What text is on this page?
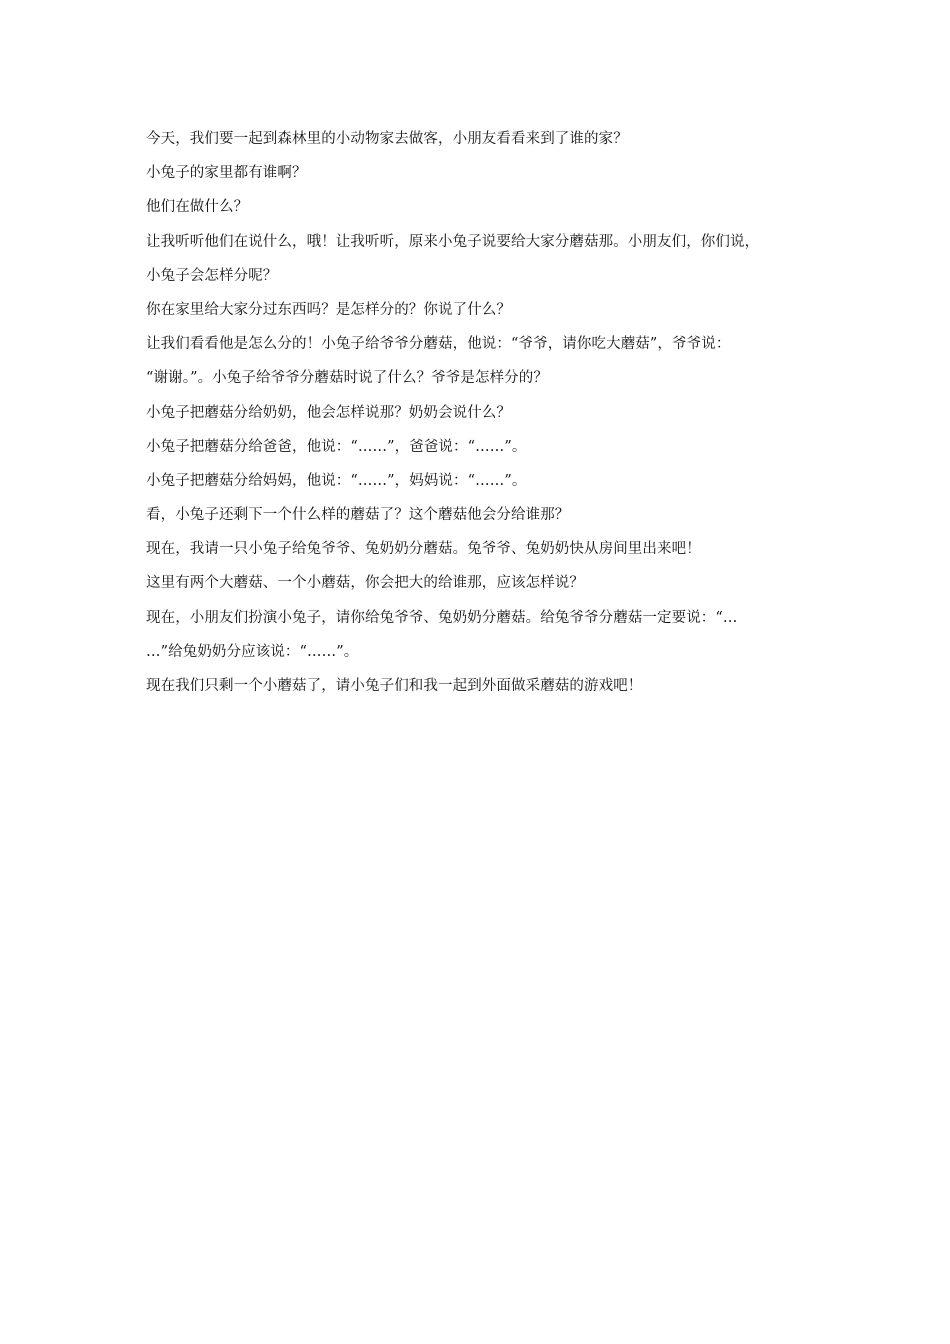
今天，我们要一起到森林里的小动物家去做客，小朋友看看来到了谁的家？
小兔子的家里都有谁啊？
他们在做什么？
让我听听他们在说什么，哦！让我听听，原来小兔子说要给大家分蘑菇那。小朋友们，你们说，
小兔子会怎样分呢？
你在家里给大家分过东西吗？是怎样分的？你说了什么？
让我们看看他是怎么分的！小兔子给爷爷分蘑菇，他说：“爷爷，请你吃大蘑菇”，爷爷说：
“谢谢。”。小兔子给爷爷分蘑菇时说了什么？爷爷是怎样分的？
小兔子把蘑菇分给奶奶，他会怎样说那？奶奶会说什么？
小兔子把蘑菇分给爸爸，他说：“……”，爸爸说：“……”。
小兔子把蘑菇分给妈妈，他说：“……”，妈妈说：“……”。
看，小兔子还剩下一个什么样的蘑菇了？这个蘑菇他会分给谁那？
现在，我请一只小兔子给兔爷爷、兔奶奶分蘑菇。兔爷爷、兔奶奶快从房间里出来吧！
这里有两个大蘑菇、一个小蘑菇，你会把大的给谁那，应该怎样说？
现在，小朋友们扮演小兔子，请你给兔爷爷、兔奶奶分蘑菇。给兔爷爷分蘑菇一定要说：“…
…”给兔奶奶分应该说：“……”。
现在我们只剩一个小蘑菇了，请小兔子们和我一起到外面做采蘑菇的游戏吧！
